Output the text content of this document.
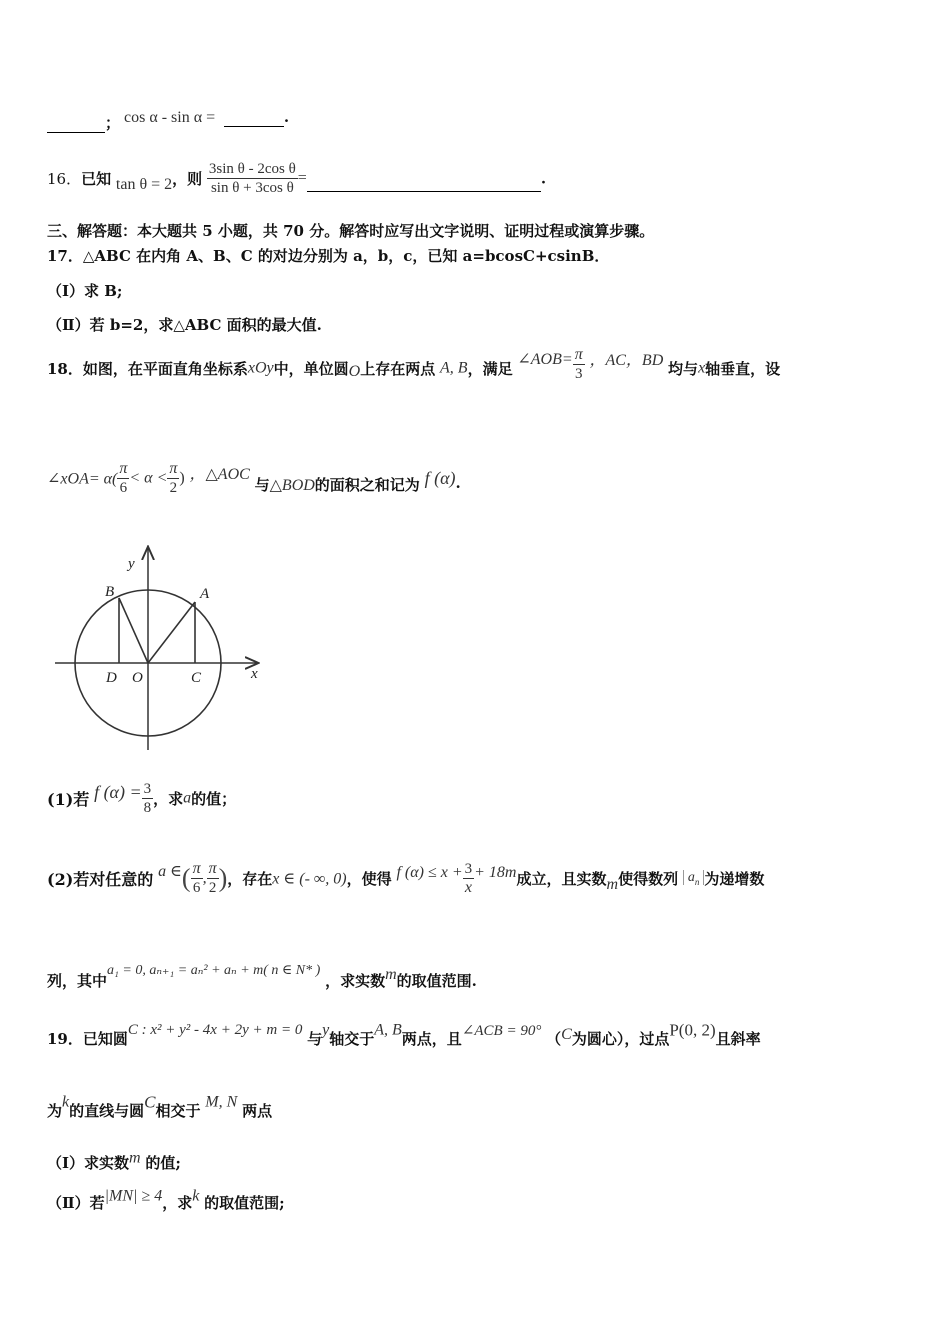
cos α - sin α =	.
；
16．已知 tan θ = 2，则 $\frac{\text{3sin θ - 2cos θ}}{\text{sin θ + 3cos θ}}$ =	.
三、解答题：本大题共 5 小题，共 70 分。解答时应写出文字说明、证明过程或演算步骤。
17．△ABC 在内角 A、B、C 的对边分别为 a，b，c，已知 a=bcosC+csinB．
（Ⅰ）求 B;
（Ⅱ）若 b=2，求△ABC 面积的最大值.
18．如图，在平面直角坐标系xOy中，单位圆O上存在两点 A, B，满足 ∠AOB= $\frac{\pi}{3}$ ，AC，BD 均与x轴垂直，设
∠xOA= $\alpha( \frac{\pi}{6} < \alpha < \frac{\pi}{2}$ ) ，△AOC 与△BOD的面积之和记为 f (α).
y
x
A
B
C
D O
(1)若 f $(\alpha) = \frac{3}{8}$ ，求a的值；
(2)若对任意的 a ∈( $\frac{\pi}{6}$ , $\frac{\pi}{2}$ )，存在x ∈ (- ∞, 0)，使得 f $(\alpha) \le x + \frac{3}{x} + 18m$成立，且实数m使得数列 $a_n$ 为递增数
列，其中a₁ = 0, aₙ₊₁ = aₙ² + aₙ + m( n ∈ N* ) ，求实数m的取值范围.
19．已知圆C : x² + y² - 4x + 2y + m = 0 与y轴交于A, B两点，且∠ACB = 90° （C为圆心），过点P(0, 2)且斜率
为k的直线与圆C相交于 M, N 两点
（Ⅰ）求实数m 的值;
（Ⅱ）若|MN| ≥ 4，求k 的取值范围;
